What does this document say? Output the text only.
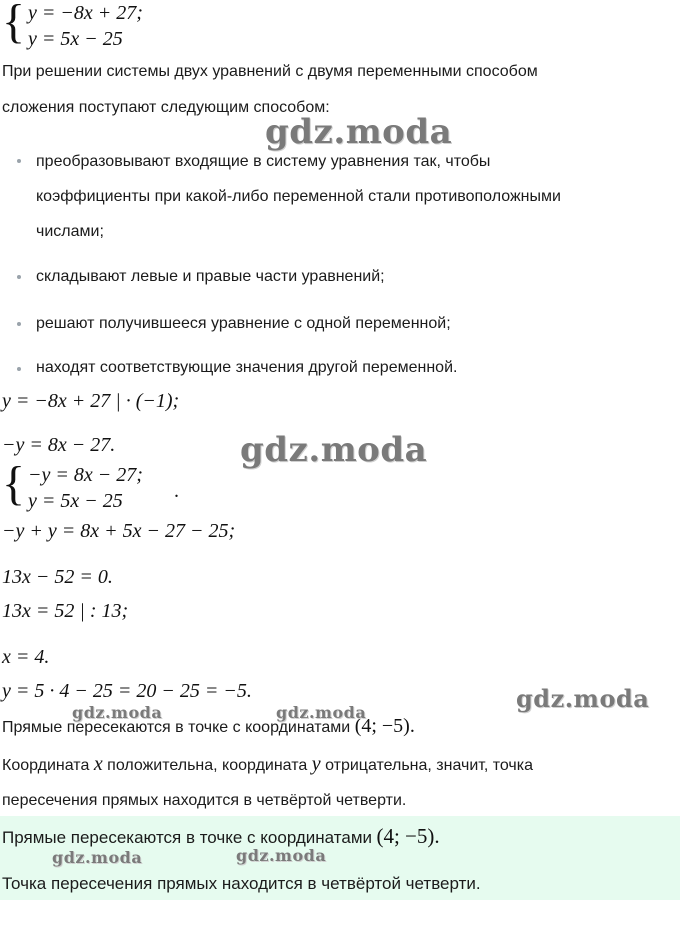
{ y = −8x + 27;
y = 5x − 25
При решении системы двух уравнений с двумя переменными способом
сложения поступают следующим способом:
преобразовывают входящие в систему уравнения так, чтобы
коэффициенты при какой-либо переменной стали противоположными
числами;
складывают левые и правые части уравнений;
решают получившееся уравнение с одной переменной;
находят соответствующие значения другой переменной.
y = −8x + 27 | · (−1);
−y = 8x − 27.
{ −y = 8x − 27;
y = 5x − 25	.
−y + y = 8x + 5x − 27 − 25;
13x − 52 = 0.
13x = 52 | : 13;
x = 4.
y = 5 · 4 − 25 = 20 − 25 = −5.
Прямые пересекаются в точке с координатами (4; −5).
Координата x положительна, координата y отрицательна, значит, точка
пересечения прямых находится в четвёртой четверти.
Прямые пересекаются в точке с координатами (4; −5).
Точка пересечения прямых находится в четвёртой четверти.
gdz.moda
gdz.moda
gdz.moda
gdz.moda	gdz.moda
gdz.moda	gdz.moda
